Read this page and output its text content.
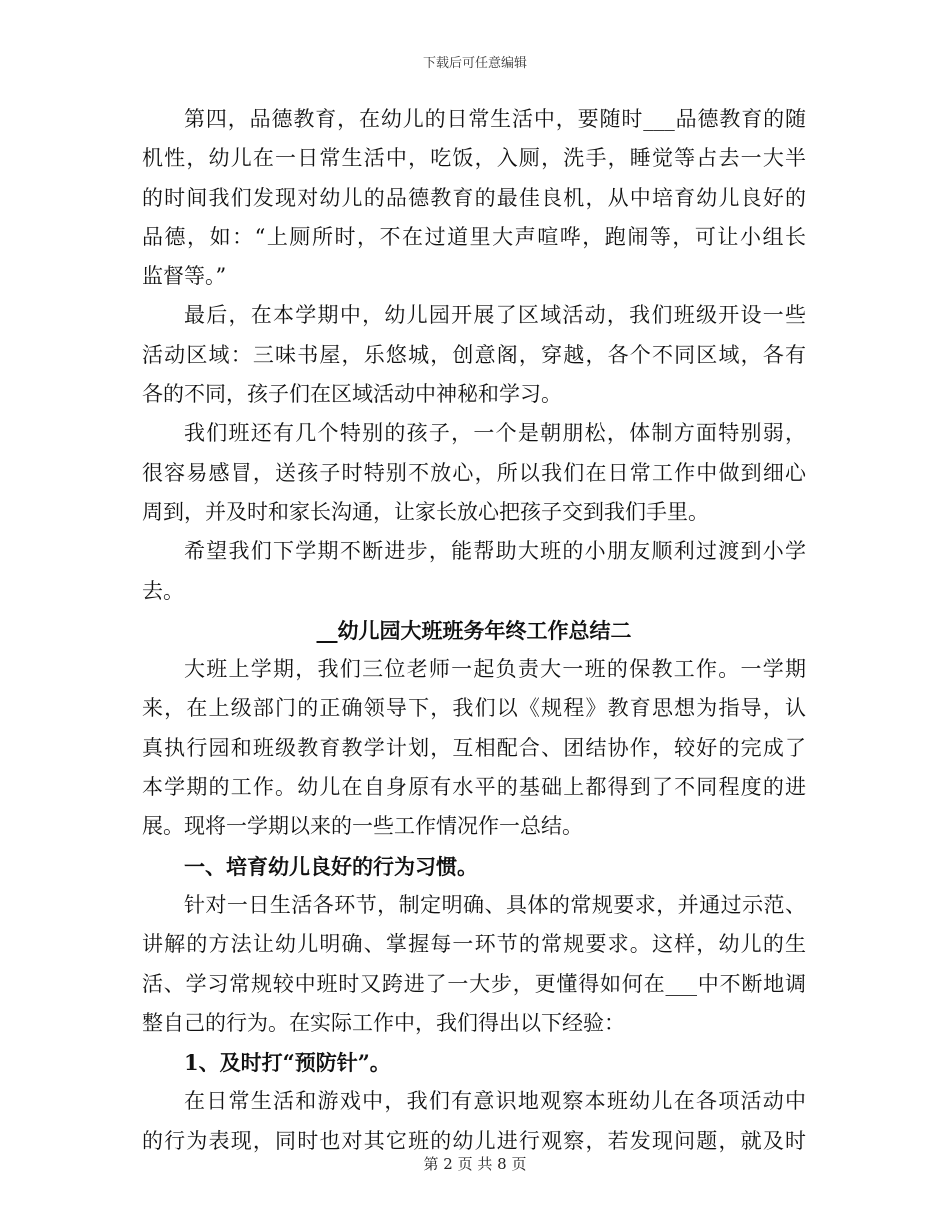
下载后可任意编辑
第四，品德教育，在幼儿的日常生活中，要随时___品德教育的随
机性，幼儿在一日常生活中，吃饭，入厕，洗手，睡觉等占去一大半
的时间我们发现对幼儿的品德教育的最佳良机，从中培育幼儿良好的
品德，如：“上厕所时，不在过道里大声喧哗，跑闹等，可让小组长
监督等。”
最后，在本学期中，幼儿园开展了区域活动，我们班级开设一些
活动区域：三味书屋，乐悠城，创意阁，穿越，各个不同区域，各有
各的不同，孩子们在区域活动中神秘和学习。
我们班还有几个特别的孩子，一个是朝朋松，体制方面特别弱，
很容易感冒，送孩子时特别不放心，所以我们在日常工作中做到细心
周到，并及时和家长沟通，让家长放心把孩子交到我们手里。
希望我们下学期不断进步，能帮助大班的小朋友顺利过渡到小学
去。
__幼儿园大班班务年终工作总结二
大班上学期，我们三位老师一起负责大一班的保教工作。一学期
来，在上级部门的正确领导下，我们以《规程》教育思想为指导，认
真执行园和班级教育教学计划，互相配合、团结协作，较好的完成了
本学期的工作。幼儿在自身原有水平的基础上都得到了不同程度的进
展。现将一学期以来的一些工作情况作一总结。
一、培育幼儿良好的行为习惯。
针对一日生活各环节，制定明确、具体的常规要求，并通过示范、
讲解的方法让幼儿明确、掌握每一环节的常规要求。这样，幼儿的生
活、学习常规较中班时又跨进了一大步，更懂得如何在___中不断地调
整自己的行为。在实际工作中，我们得出以下经验：
1、及时打“预防针”。
在日常生活和游戏中，我们有意识地观察本班幼儿在各项活动中
的行为表现，同时也对其它班的幼儿进行观察，若发现问题，就及时
第 2 页 共 8 页
